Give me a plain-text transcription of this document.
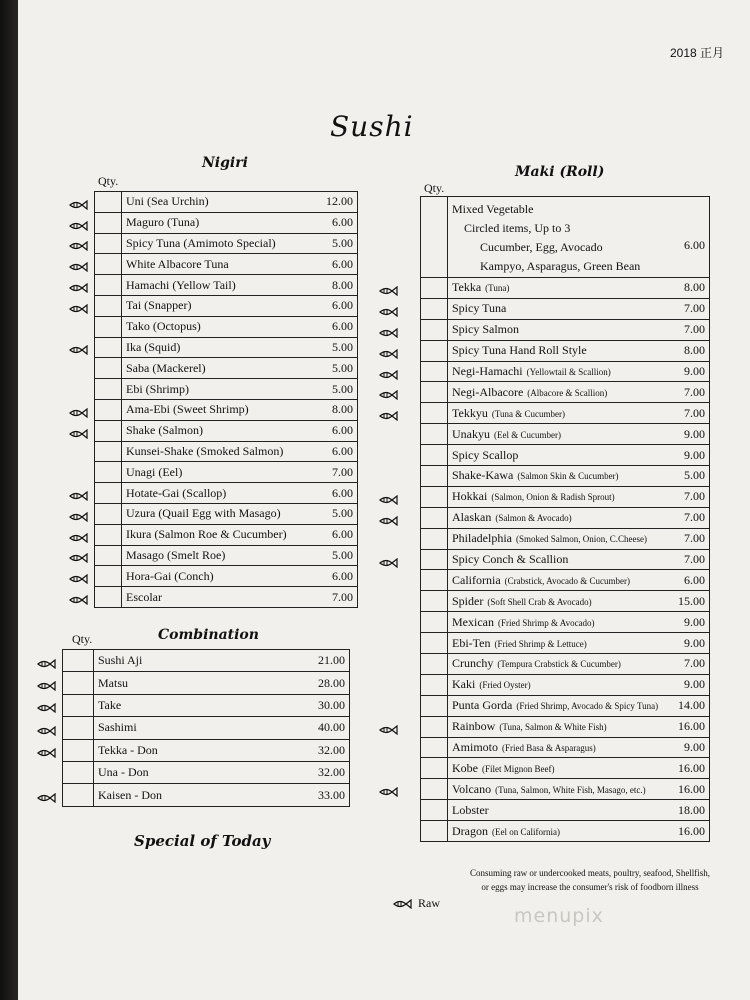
2018 正月
Sushi
Nigiri
Qty.
	Uni (Sea Urchin)	12.00
	Maguro (Tuna)	6.00
	Spicy Tuna (Amimoto Special)	5.00
	White Albacore Tuna	6.00
	Hamachi (Yellow Tail)	8.00
	Tai (Snapper)	6.00
	Tako (Octopus)	6.00
	Ika (Squid)	5.00
	Saba (Mackerel)	5.00
	Ebi (Shrimp)	5.00
	Ama-Ebi (Sweet Shrimp)	8.00
	Shake (Salmon)	6.00
	Kunsei-Shake (Smoked Salmon)	6.00
	Unagi (Eel)	7.00
	Hotate-Gai (Scallop)	6.00
	Uzura (Quail Egg with Masago)	5.00
	Ikura (Salmon Roe & Cucumber)	6.00
	Masago (Smelt Roe)	5.00
	Hora-Gai (Conch)	6.00
	Escolar	7.00
Combination
Qty.
	Sushi Aji	21.00
	Matsu	28.00
	Take	30.00
	Sashimi	40.00
	Tekka - Don	32.00
	Una - Don	32.00
	Kaisen - Don	33.00
Special of Today
Maki (Roll)
Qty.

	Mixed Vegetable
Circled items, Up to 3
Cucumber, Egg, Avocado
Kampyo, Asparagus, Green Bean	6.00
	Tekka (Tuna)	8.00
	Spicy Tuna	7.00
	Spicy Salmon	7.00
	Spicy Tuna Hand Roll Style	8.00
	Negi-Hamachi (Yellowtail & Scallion)	9.00
	Negi-Albacore (Albacore & Scallion)	7.00
	Tekkyu (Tuna & Cucumber)	7.00
	Unakyu (Eel & Cucumber)	9.00
	Spicy Scallop	9.00
	Shake-Kawa (Salmon Skin & Cucumber)	5.00
	Hokkai (Salmon, Onion & Radish Sprout)	7.00
	Alaskan (Salmon & Avocado)	7.00
	Philadelphia (Smoked Salmon, Onion, C.Cheese)	7.00
	Spicy Conch & Scallion	7.00
	California (Crabstick, Avocado & Cucumber)	6.00
	Spider (Soft Shell Crab & Avocado)	15.00
	Mexican (Fried Shrimp & Avocado)	9.00
	Ebi-Ten (Fried Shrimp & Lettuce)	9.00
	Crunchy (Tempura Crabstick & Cucumber)	7.00
	Kaki (Fried Oyster)	9.00
	Punta Gorda (Fried Shrimp, Avocado & Spicy Tuna)	14.00
	Rainbow (Tuna, Salmon & White Fish)	16.00
	Amimoto (Fried Basa & Asparagus)	9.00
	Kobe (Filet Mignon Beef)	16.00
	Volcano (Tuna, Salmon, White Fish, Masago, etc.)	16.00
	Lobster	18.00
	Dragon (Eel on California)	16.00
Consuming raw or undercooked meats, poultry, seafood, Shellfish,
or eggs may increase the consumer's risk of foodborn illness
Raw
menupix
